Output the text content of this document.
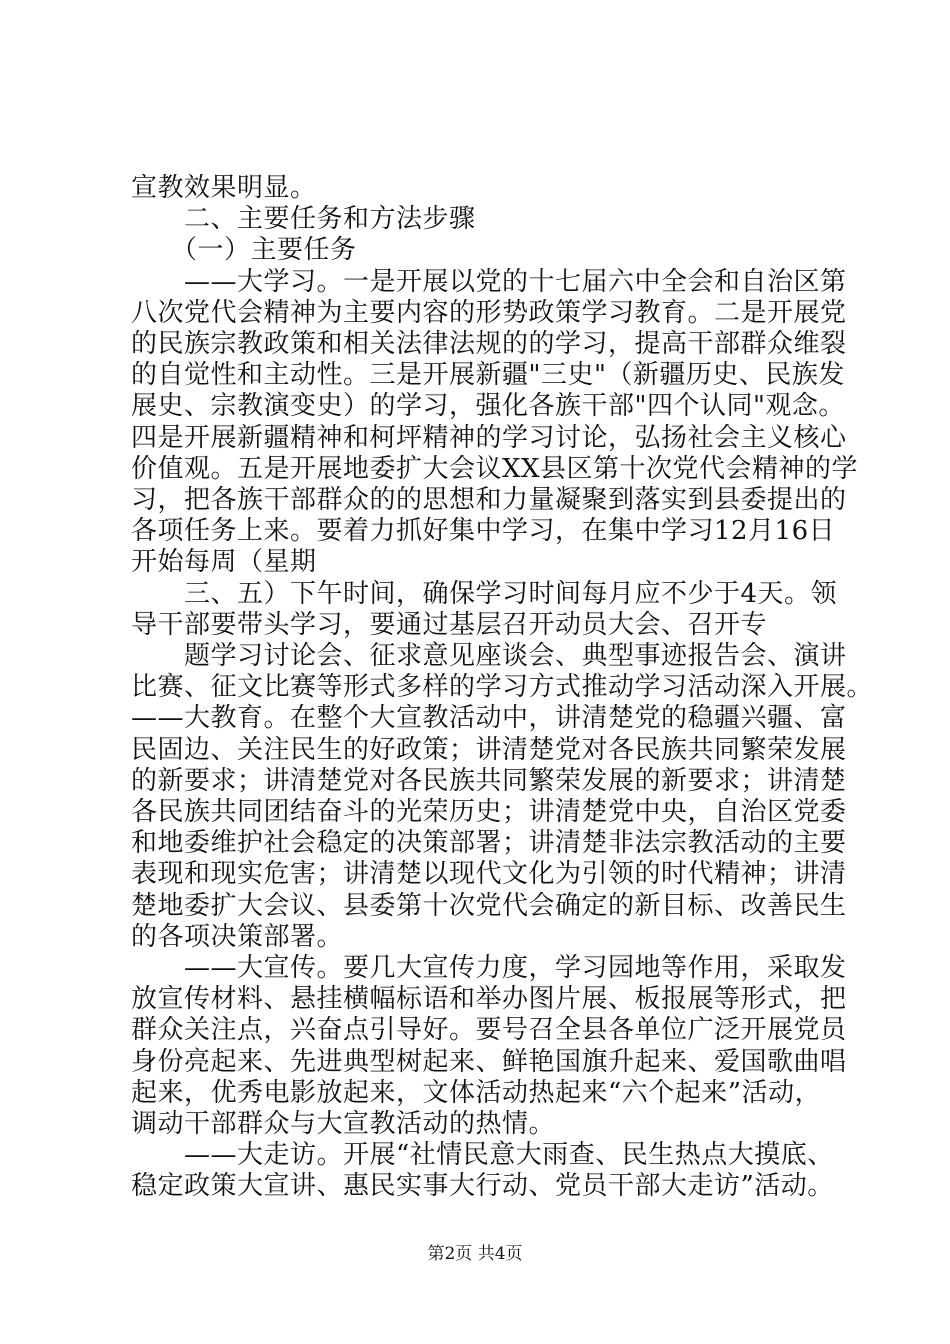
宣教效果明显。
　　二、主要任务和方法步骤
　　（一）主要任务
　　——大学习。一是开展以党的十七届六中全会和自治区第
八次党代会精神为主要内容的形势政策学习教育。二是开展党
的民族宗教政策和相关法律法规的的学习，提高干部群众维裂
的自觉性和主动性。三是开展新疆"三史"（新疆历史、民族发
展史、宗教演变史）的学习，强化各族干部"四个认同"观念。
四是开展新疆精神和柯坪精神的学习讨论，弘扬社会主义核心
价值观。五是开展地委扩大会议XX县区第十次党代会精神的学
习，把各族干部群众的的思想和力量凝聚到落实到县委提出的
各项任务上来。要着力抓好集中学习，在集中学习12月16日
开始每周（星期
　　三、五）下午时间，确保学习时间每月应不少于4天。领
导干部要带头学习，要通过基层召开动员大会、召开专
　　题学习讨论会、征求意见座谈会、典型事迹报告会、演讲
比赛、征文比赛等形式多样的学习方式推动学习活动深入开展。
——大教育。在整个大宣教活动中，讲清楚党的稳疆兴疆、富
民固边、关注民生的好政策；讲清楚党对各民族共同繁荣发展
的新要求；讲清楚党对各民族共同繁荣发展的新要求；讲清楚
各民族共同团结奋斗的光荣历史；讲清楚党中央，自治区党委
和地委维护社会稳定的决策部署；讲清楚非法宗教活动的主要
表现和现实危害；讲清楚以现代文化为引领的时代精神；讲清
楚地委扩大会议、县委第十次党代会确定的新目标、改善民生
的各项决策部署。
　　——大宣传。要几大宣传力度，学习园地等作用，采取发
放宣传材料、悬挂横幅标语和举办图片展、板报展等形式，把
群众关注点，兴奋点引导好。要号召全县各单位广泛开展党员
身份亮起来、先进典型树起来、鲜艳国旗升起来、爱国歌曲唱
起来，优秀电影放起来，文体活动热起来“六个起来”活动，
调动干部群众与大宣教活动的热情。
　　——大走访。开展“社情民意大雨查、民生热点大摸底、
稳定政策大宣讲、惠民实事大行动、党员干部大走访”活动。
第2页 共4页
